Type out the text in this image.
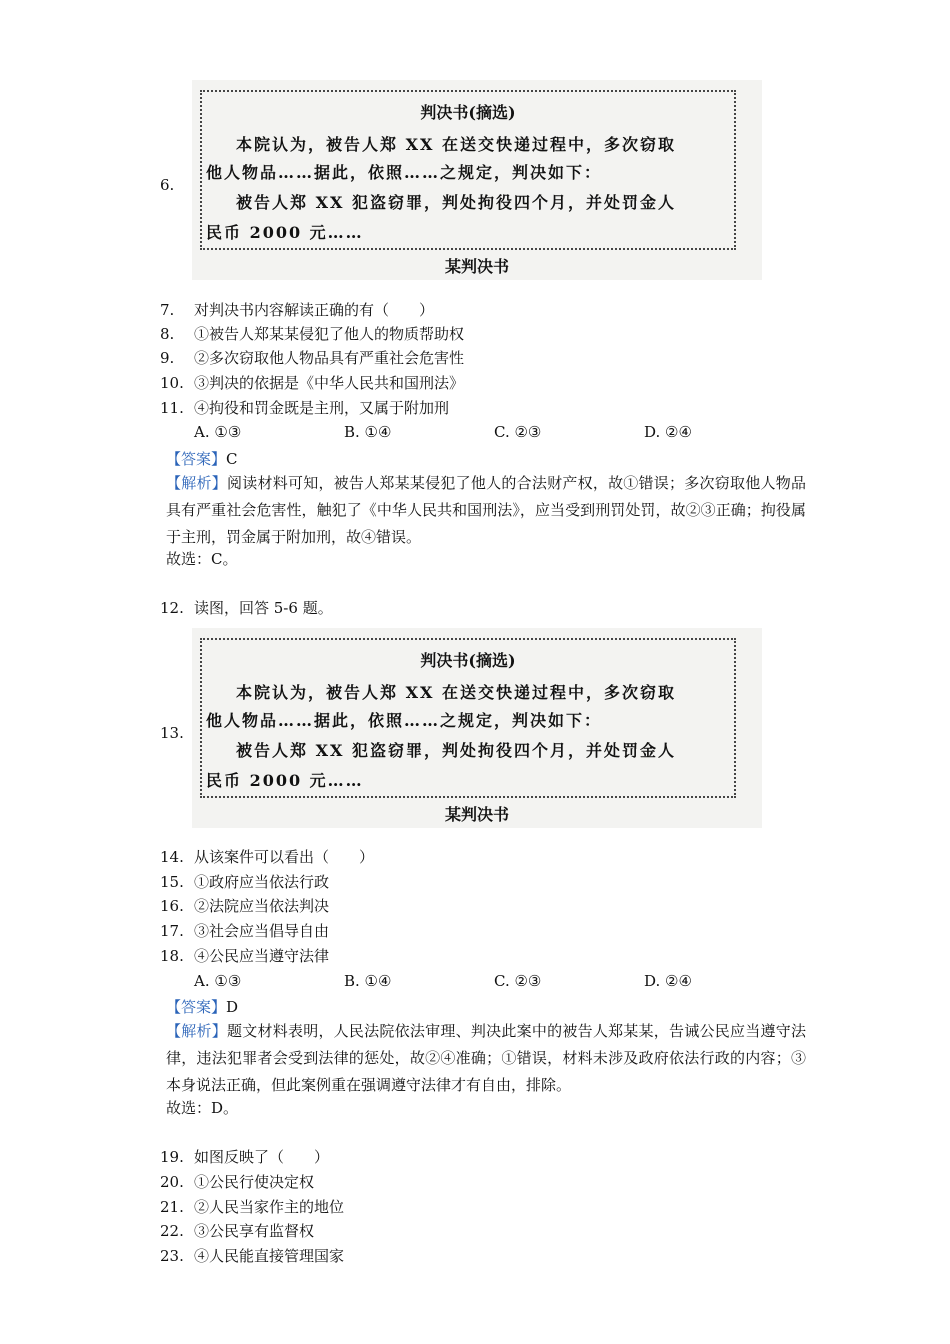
6.
判决书(摘选)
本院认为，被告人郑 XX 在送交快递过程中，多次窃取
他人物品……据此，依照……之规定，判决如下：
被告人郑 XX 犯盗窃罪，判处拘役四个月，并处罚金人
民币 2000 元……
某判决书
7. 对判决书内容解读正确的有（　　）
8. ①被告人郑某某侵犯了他人的物质帮助权
9. ②多次窃取他人物品具有严重社会危害性
10. ③判决的依据是《中华人民共和国刑法》
11. ④拘役和罚金既是主刑，又属于附加刑
A. ①③	B. ①④	C. ②③	D. ②④
【答案】C
【解析】阅读材料可知，被告人郑某某侵犯了他人的合法财产权，故①错误；多次窃取他人物品具有严重社会危害性，触犯了《中华人民共和国刑法》，应当受到刑罚处罚，故②③正确；拘役属于主刑，罚金属于附加刑，故④错误。
故选：C。
12. 读图，回答 5-6 题。
13.
判决书(摘选)
本院认为，被告人郑 XX 在送交快递过程中，多次窃取
他人物品……据此，依照……之规定，判决如下：
被告人郑 XX 犯盗窃罪，判处拘役四个月，并处罚金人
民币 2000 元……
某判决书
14. 从该案件可以看出（　　）
15. ①政府应当依法行政
16. ②法院应当依法判决
17. ③社会应当倡导自由
18. ④公民应当遵守法律
A. ①③	B. ①④	C. ②③	D. ②④
【答案】D
【解析】题文材料表明，人民法院依法审理、判决此案中的被告人郑某某，告诫公民应当遵守法律，违法犯罪者会受到法律的惩处，故②④准确；①错误，材料未涉及政府依法行政的内容；③本身说法正确，但此案例重在强调遵守法律才有自由，排除。
故选：D。
19. 如图反映了（　　）
20. ①公民行使决定权
21. ②人民当家作主的地位
22. ③公民享有监督权
23. ④人民能直接管理国家
